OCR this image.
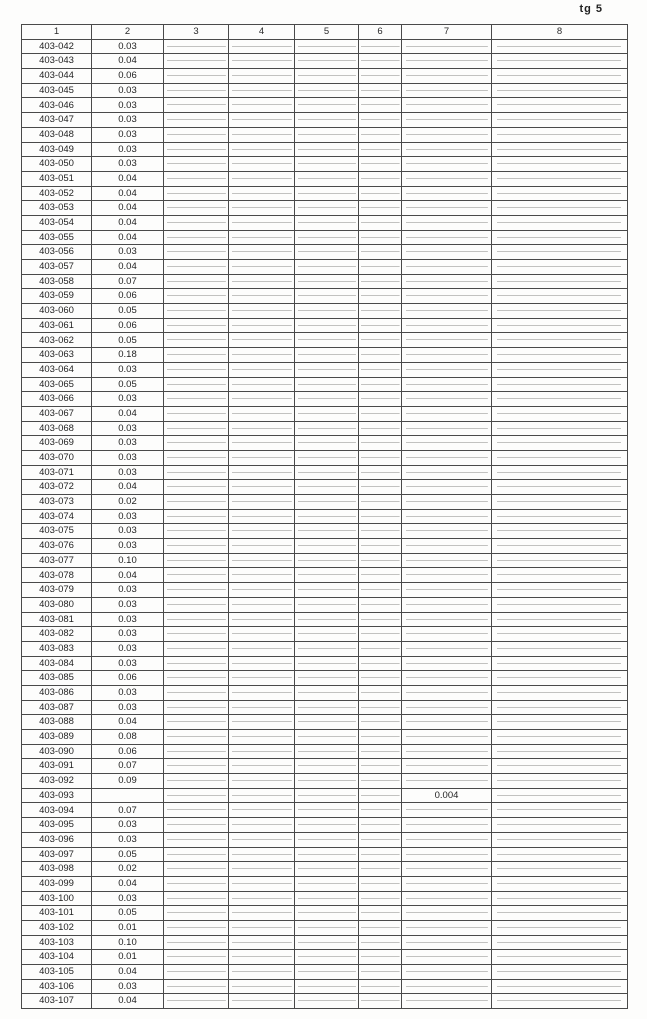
tg 5
1	2	3	4	5	6	7	8
403-042	0.03						
403-043	0.04						
403-044	0.06						
403-045	0.03						
403-046	0.03						
403-047	0.03						
403-048	0.03						
403-049	0.03						
403-050	0.03						
403-051	0.04						
403-052	0.04						
403-053	0.04						
403-054	0.04						
403-055	0.04						
403-056	0.03						
403-057	0.04						
403-058	0.07						
403-059	0.06						
403-060	0.05						
403-061	0.06						
403-062	0.05						
403-063	0.18						
403-064	0.03						
403-065	0.05						
403-066	0.03						
403-067	0.04						
403-068	0.03						
403-069	0.03						
403-070	0.03						
403-071	0.03						
403-072	0.04						
403-073	0.02						
403-074	0.03						
403-075	0.03						
403-076	0.03						
403-077	0.10						
403-078	0.04						
403-079	0.03						
403-080	0.03						
403-081	0.03						
403-082	0.03						
403-083	0.03						
403-084	0.03						
403-085	0.06						
403-086	0.03						
403-087	0.03						
403-088	0.04						
403-089	0.08						
403-090	0.06						
403-091	0.07						
403-092	0.09						
403-093						0.004	
403-094	0.07						
403-095	0.03						
403-096	0.03						
403-097	0.05						
403-098	0.02						
403-099	0.04						
403-100	0.03						
403-101	0.05						
403-102	0.01						
403-103	0.10						
403-104	0.01						
403-105	0.04						
403-106	0.03						
403-107	0.04						
